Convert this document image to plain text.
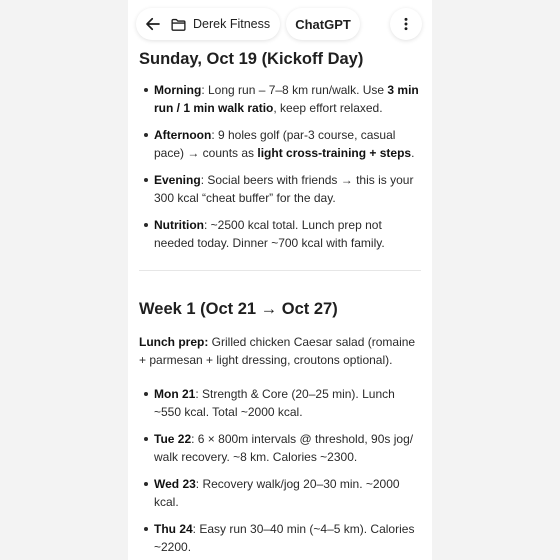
Sunday, Oct 19 (Kickoff Day)
Morning: Long run – 7–8 km run/walk. Use 3 min run / 1 min walk ratio, keep effort relaxed.
Afternoon: 9 holes golf (par-3 course, casual pace) → counts as light cross-training + steps.
Evening: Social beers with friends → this is your 300 kcal “cheat buffer” for the day.
Nutrition: ~2500 kcal total. Lunch prep not needed today. Dinner ~700 kcal with family.
Week 1 (Oct 21 → Oct 27)
Lunch prep: Grilled chicken Caesar salad (romaine + parmesan + light dressing, croutons optional).
Mon 21: Strength & Core (20–25 min). Lunch ~550 kcal. Total ~2000 kcal.
Tue 22: 6 × 800m intervals @ threshold, 90s jog/ walk recovery. ~8 km. Calories ~2300.
Wed 23: Recovery walk/jog 20–30 min. ~2000 kcal.
Thu 24: Easy run 30–40 min (~4–5 km). Calories ~2200.
Derek Fitness	ChatGPT
